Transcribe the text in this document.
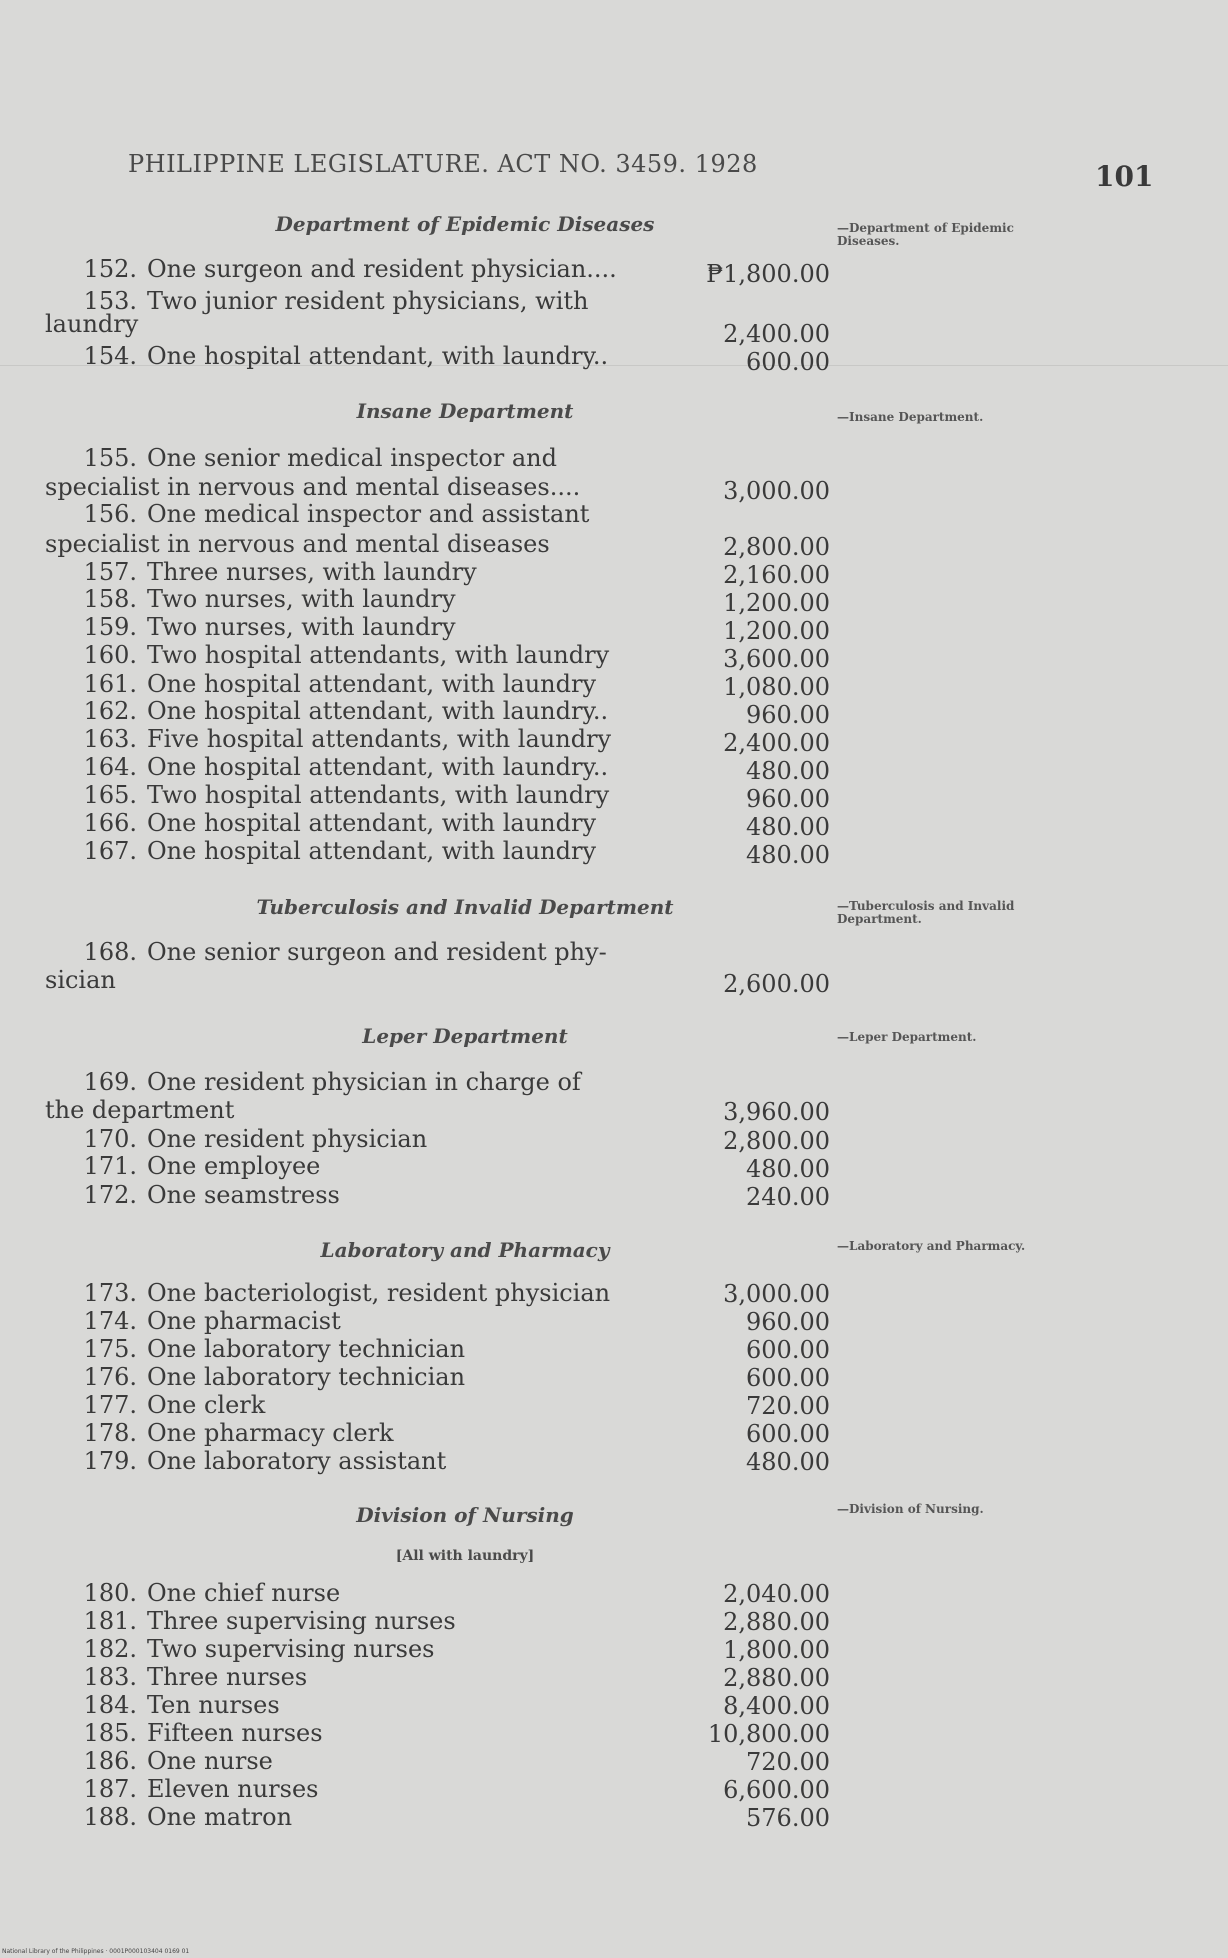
PHILIPPINE LEGISLATURE. ACT NO. 3459. 1928	101
Department of Epidemic Diseases	—Department of Epidemic Diseases.
152. One surgeon and resident physician....	₱1,800.00
153. Two junior resident physicians, with
laundry	2,400.00
154. One hospital attendant, with laundry..	600.00
Insane Department	—Insane Department.
155. One senior medical inspector and
specialist in nervous and mental diseases....	3,000.00
156. One medical inspector and assistant
specialist in nervous and mental diseases	2,800.00
157. Three nurses, with laundry	2,160.00
158. Two nurses, with laundry	1,200.00
159. Two nurses, with laundry	1,200.00
160. Two hospital attendants, with laundry	3,600.00
161. One hospital attendant, with laundry	1,080.00
162. One hospital attendant, with laundry..	960.00
163. Five hospital attendants, with laundry	2,400.00
164. One hospital attendant, with laundry..	480.00
165. Two hospital attendants, with laundry	960.00
166. One hospital attendant, with laundry	480.00
167. One hospital attendant, with laundry	480.00
Tuberculosis and Invalid Department	—Tuberculosis and Invalid Department.
168. One senior surgeon and resident phy-
sician	2,600.00
Leper Department	—Leper Department.
169. One resident physician in charge of
the department	3,960.00
170. One resident physician	2,800.00
171. One employee	480.00
172. One seamstress	240.00
Laboratory and Pharmacy	—Laboratory and Pharmacy.
173. One bacteriologist, resident physician	3,000.00
174. One pharmacist	960.00
175. One laboratory technician	600.00
176. One laboratory technician	600.00
177. One clerk	720.00
178. One pharmacy clerk	600.00
179. One laboratory assistant	480.00
Division of Nursing	—Division of Nursing.
[All with laundry]
180. One chief nurse	2,040.00
181. Three supervising nurses	2,880.00
182. Two supervising nurses	1,800.00
183. Three nurses	2,880.00
184. Ten nurses	8,400.00
185. Fifteen nurses	10,800.00
186. One nurse	720.00
187. Eleven nurses	6,600.00
188. One matron	576.00
National Library of the Philippines · 0001P000103404 0169 01
